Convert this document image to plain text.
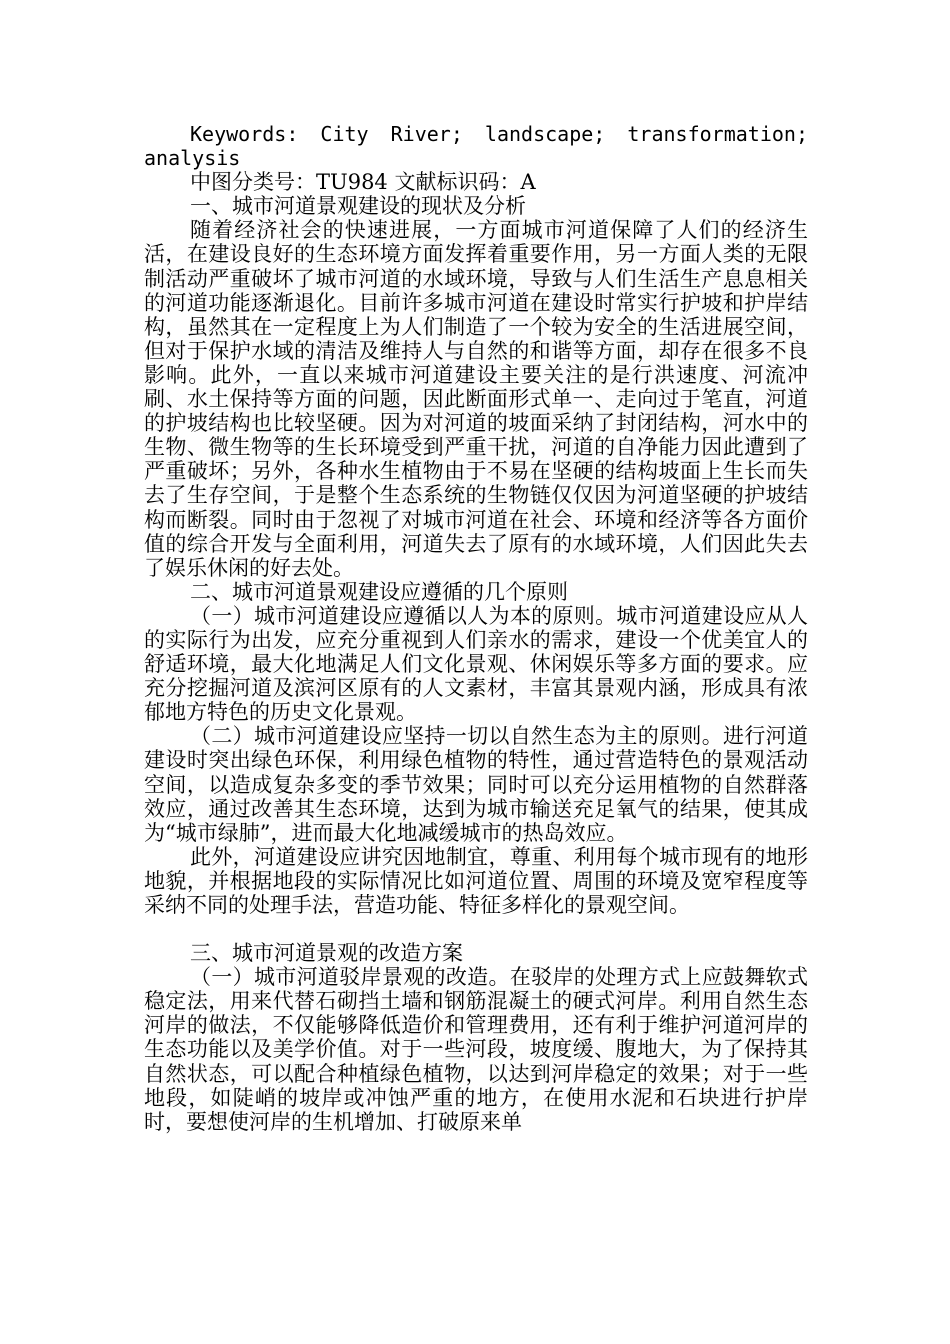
Keywords: City River; landscape; transformation; analysis

中图分类号：TU984 文献标识码：A

一、城市河道景观建设的现状及分析

随着经济社会的快速进展，一方面城市河道保障了人们的经济生活，在建设良好的生态环境方面发挥着重要作用，另一方面人类的无限制活动严重破坏了城市河道的水域环境，导致与人们生活生产息息相关的河道功能逐渐退化。目前许多城市河道在建设时常实行护坡和护岸结构，虽然其在一定程度上为人们制造了一个较为安全的生活进展空间，但对于保护水域的清洁及维持人与自然的和谐等方面，却存在很多不良影响。此外，一直以来城市河道建设主要关注的是行洪速度、河流冲刷、水土保持等方面的问题，因此断面形式单一、走向过于笔直，河道的护坡结构也比较坚硬。因为对河道的坡面采纳了封闭结构，河水中的生物、微生物等的生长环境受到严重干扰，河道的自净能力因此遭到了严重破坏；另外，各种水生植物由于不易在坚硬的结构坡面上生长而失去了生存空间，于是整个生态系统的生物链仅仅因为河道坚硬的护坡结构而断裂。同时由于忽视了对城市河道在社会、环境和经济等各方面价值的综合开发与全面利用，河道失去了原有的水域环境，人们因此失去了娱乐休闲的好去处。

二、城市河道景观建设应遵循的几个原则

（一）城市河道建设应遵循以人为本的原则。城市河道建设应从人的实际行为出发，应充分重视到人们亲水的需求，建设一个优美宜人的舒适环境，最大化地满足人们文化景观、休闲娱乐等多方面的要求。应充分挖掘河道及滨河区原有的人文素材，丰富其景观内涵，形成具有浓郁地方特色的历史文化景观。

（二）城市河道建设应坚持一切以自然生态为主的原则。进行河道建设时突出绿色环保，利用绿色植物的特性，通过营造特色的景观活动空间，以造成复杂多变的季节效果；同时可以充分运用植物的自然群落效应，通过改善其生态环境，达到为城市输送充足氧气的结果，使其成为“城市绿肺”，进而最大化地减缓城市的热岛效应。

此外，河道建设应讲究因地制宜，尊重、利用每个城市现有的地形地貌，并根据地段的实际情况比如河道位置、周围的环境及宽窄程度等采纳不同的处理手法，营造功能、特征多样化的景观空间。

三、城市河道景观的改造方案

（一）城市河道驳岸景观的改造。在驳岸的处理方式上应鼓舞软式稳定法，用来代替石砌挡土墙和钢筋混凝土的硬式河岸。利用自然生态河岸的做法，不仅能够降低造价和管理费用，还有利于维护河道河岸的生态功能以及美学价值。对于一些河段，坡度缓、腹地大，为了保持其自然状态，可以配合种植绿色植物，以达到河岸稳定的效果；对于一些地段，如陡峭的坡岸或冲蚀严重的地方，在使用水泥和石块进行护岸时，要想使河岸的生机增加、打破原来单
